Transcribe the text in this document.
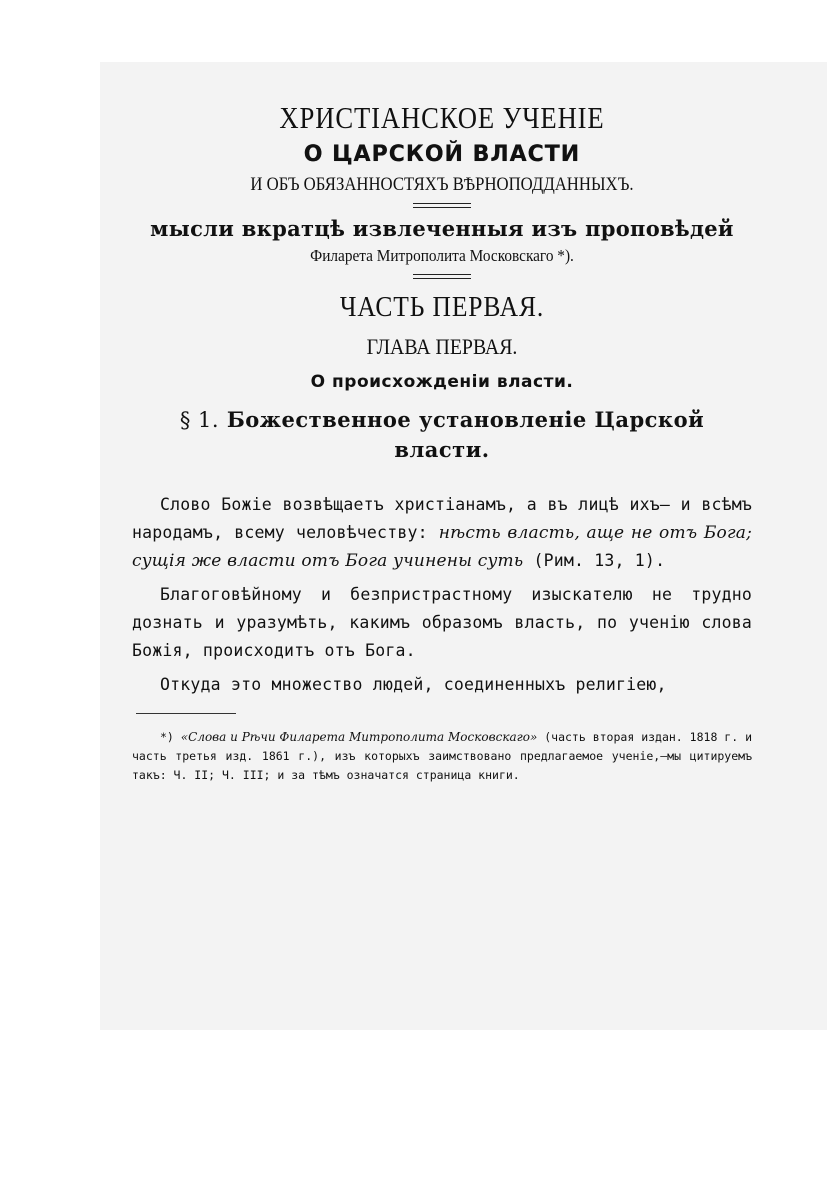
ХРИСТIАНСКОЕ УЧЕНIЕ
О ЦАРСКОЙ ВЛАСТИ
И ОБЪ ОБЯЗАННОСТЯХЪ ВѢРНОПОДДАННЫХЪ.
мысли вкратцѣ извлеченныя изъ проповѣдей
Филарета Митрополита Московскаго *).
ЧАСТЬ ПЕРВАЯ.
ГЛАВА ПЕРВАЯ.
О происхожденiи власти.
§ 1. Божественное установленiе Царской власти.

Слово Божiе возвѣщаетъ христiанамъ, а въ лицѣ ихъ— и всѣмъ народамъ, всему человѣчеству: нѣсть власть, аще не отъ Бога; сущiя же власти отъ Бога учинены суть (Рим. 13, 1).

Благоговѣйному и безпристрастному изыскателю не трудно дознать и уразумѣть, какимъ образомъ власть, по ученiю слова Божiя, происходитъ отъ Бога.

Откуда это множество людей, соединенныхъ религiею,

*) «Слова и Рѣчи Филарета Митрополита Московскаго» (часть вторая издан. 1818 г. и часть третья изд. 1861 г.), изъ которыхъ заимствовано предлагаемое ученiе,—мы цитируемъ такъ: Ч. II; Ч. III; и за тѣмъ означатся страница книги.
